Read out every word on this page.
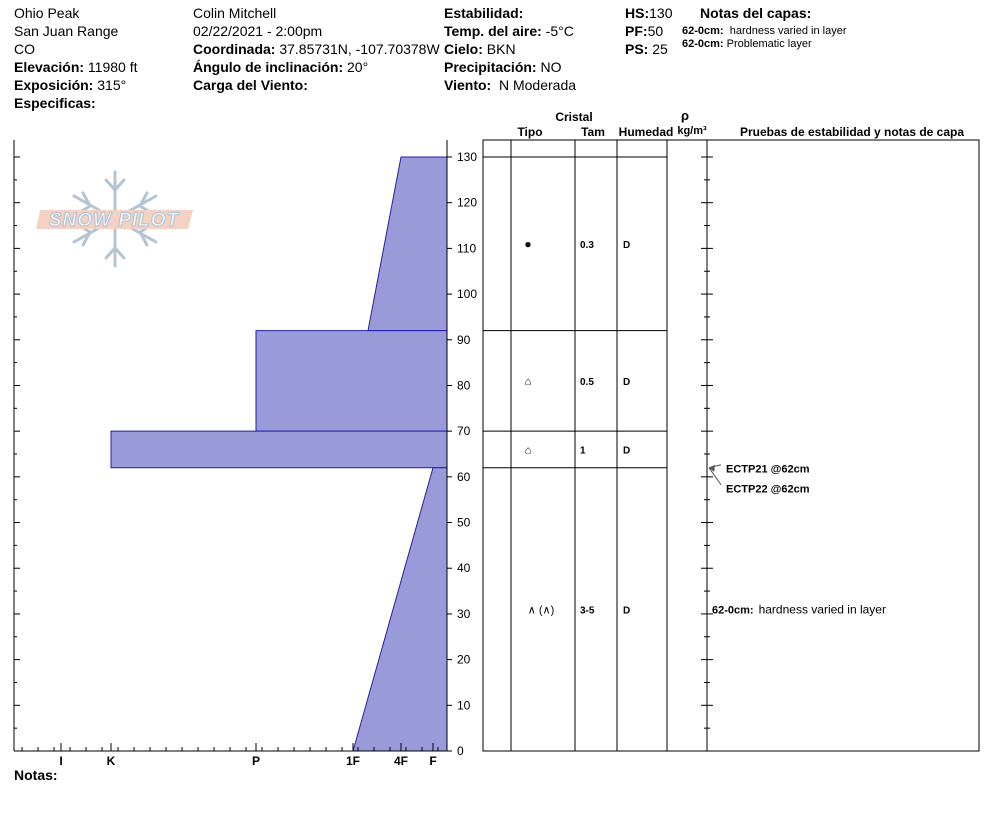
Ohio Peak
San Juan Range
CO
Elevación: 11980 ft
Exposición: 315°
Especificas:
Colin Mitchell
02/22/2021 - 2:00pm
Coordinada: 37.85731N, -107.70378W
Ángulo de inclinación: 20°
Carga del Viento:
Estabilidad:
Temp. del aire: -5°C
Cielo: BKN
Precipitación: NO
Viento: N Moderada
HS:130
PF:50
PS: 25
Notas del capas:
62-0cm: hardness varied in layer
62-0cm: Problematic layer
Notas:
SNOW PILOT
0
10
20
30
40
50
60
70
80
90
100
110
120
130
I	K	P	1F	4F F
Cristal
Tipo	Tam Humedad
ρ
kg/m³	Pruebas de estabilidad y notas de capa
●	0.3	D
⌂	0.5	D
⌂	1	D
∧ (∧)	3-5	D
ECTP21 @62cm
ECTP22 @62cm
62-0cm: hardness varied in layer
